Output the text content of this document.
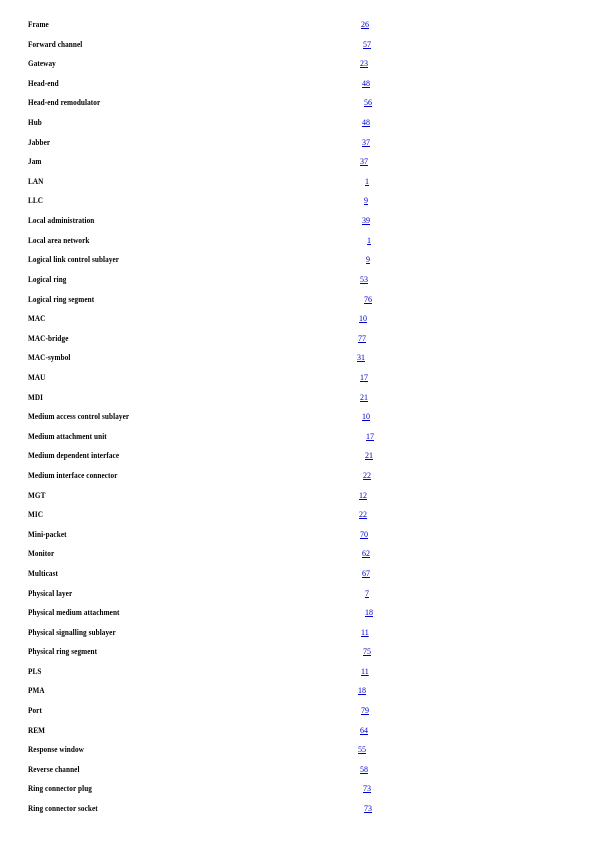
Frame	26
Forward channel	57
Gateway	23
Head-end	48
Head-end remodulator	56
Hub	48
Jabber	37
Jam	37
LAN	1
LLC	9
Local administration	39
Local area network	1
Logical link control sublayer	9
Logical ring	53
Logical ring segment	76
MAC	10
MAC-bridge	77
MAC-symbol	31
MAU	17
MDI	21
Medium access control sublayer	10
Medium attachment unit	17
Medium dependent interface	21
Medium interface connector	22
MGT	12
MIC	22
Mini-packet	70
Monitor	62
Multicast	67
Physical layer	7
Physical medium attachment	18
Physical signalling sublayer	11
Physical ring segment	75
PLS	11
PMA	18
Port	79
REM	64
Response window	55
Reverse channel	58
Ring connector plug	73
Ring connector socket	73
